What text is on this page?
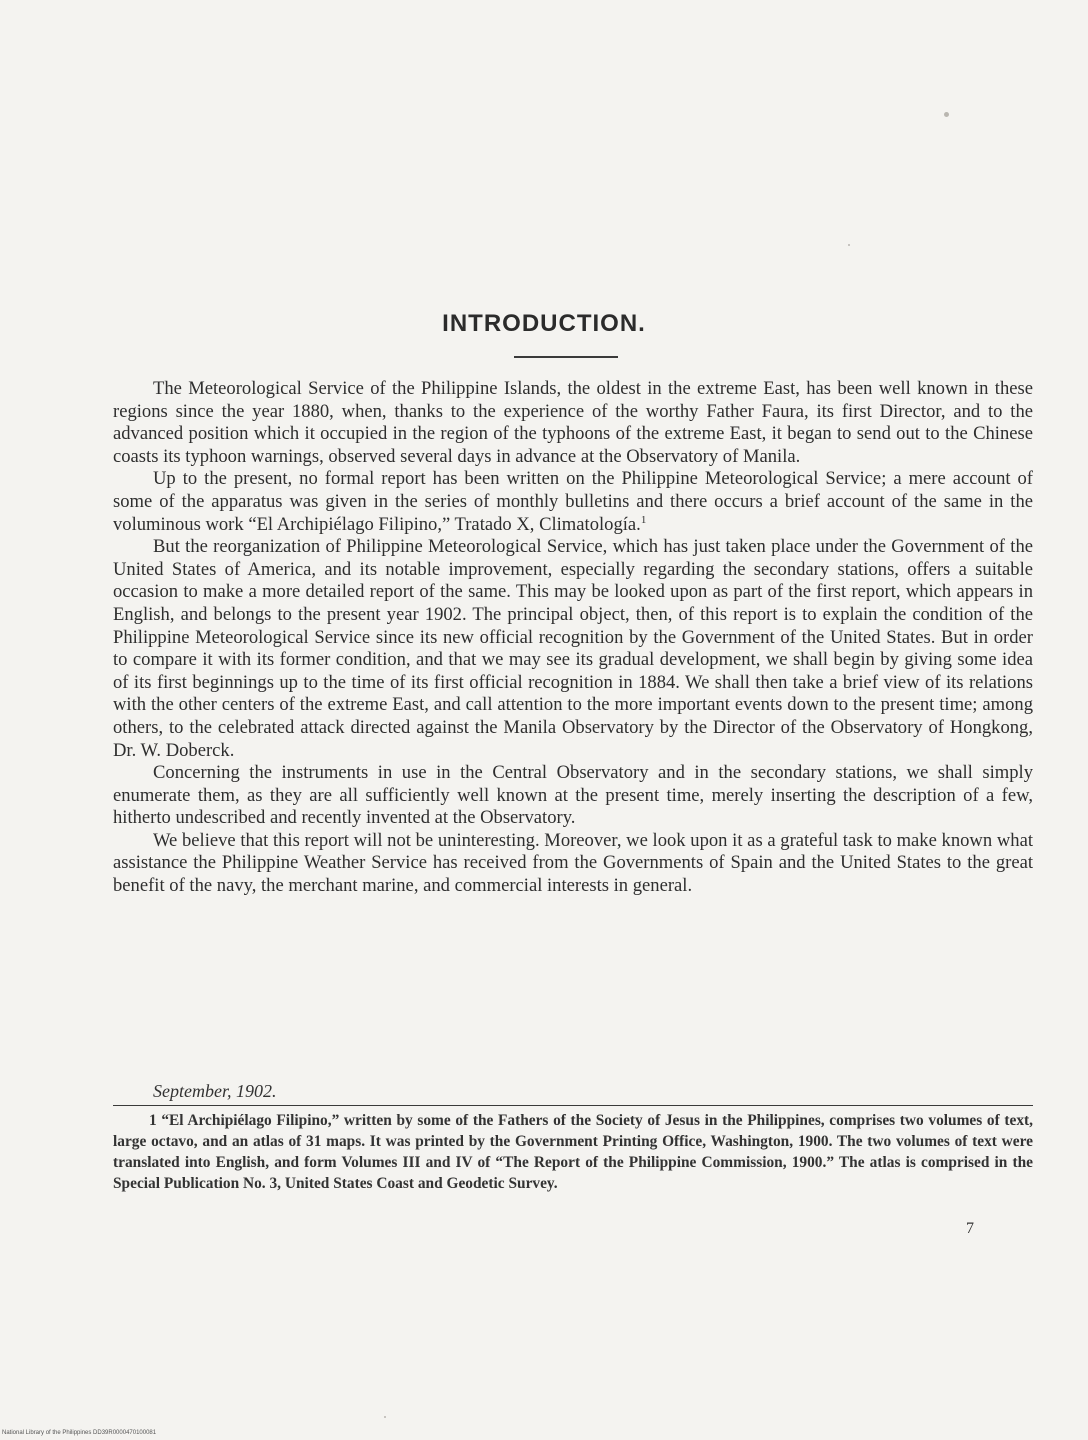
INTRODUCTION.

The Meteorological Service of the Philippine Islands, the oldest in the extreme East, has been well known in these regions since the year 1880, when, thanks to the experience of the worthy Father Faura, its first Director, and to the advanced position which it occupied in the region of the typhoons of the extreme East, it began to send out to the Chinese coasts its typhoon warnings, observed several days in advance at the Observatory of Manila.

Up to the present, no formal report has been written on the Philippine Meteorological Service; a mere account of some of the apparatus was given in the series of monthly bulletins and there occurs a brief account of the same in the voluminous work “El Archipiélago Filipino,” Tratado X, Climatología.$^1$

But the reorganization of Philippine Meteorological Service, which has just taken place under the Government of the United States of America, and its notable improvement, especially regarding the secondary stations, offers a suitable occasion to make a more detailed report of the same. This may be looked upon as part of the first report, which appears in English, and belongs to the present year 1902. The principal object, then, of this report is to explain the condition of the Philippine Meteorological Service since its new official recognition by the Government of the United States. But in order to compare it with its former condition, and that we may see its gradual development, we shall begin by giving some idea of its first beginnings up to the time of its first official recognition in 1884. We shall then take a brief view of its relations with the other centers of the extreme East, and call attention to the more important events down to the present time; among others, to the celebrated attack directed against the Manila Observatory by the Director of the Observatory of Hongkong, Dr. W. Doberck.

Concerning the instruments in use in the Central Observatory and in the secondary stations, we shall simply enumerate them, as they are all sufficiently well known at the present time, merely inserting the description of a few, hitherto undescribed and recently invented at the Observatory.

We believe that this report will not be uninteresting. Moreover, we look upon it as a grateful task to make known what assistance the Philippine Weather Service has received from the Governments of Spain and the United States to the great benefit of the navy, the merchant marine, and commercial interests in general.

September, 1902.

1 “El Archipiélago Filipino,” written by some of the Fathers of the Society of Jesus in the Philippines, comprises two volumes of text, large octavo, and an atlas of 31 maps. It was printed by the Government Printing Office, Washington, 1900. The two volumes of text were translated into English, and form Volumes III and IV of “The Report of the Philippine Commission, 1900.” The atlas is comprised in the Special Publication No. 3, United States Coast and Geodetic Survey.

7
National Library of the Philippines DD39R0000470100081
